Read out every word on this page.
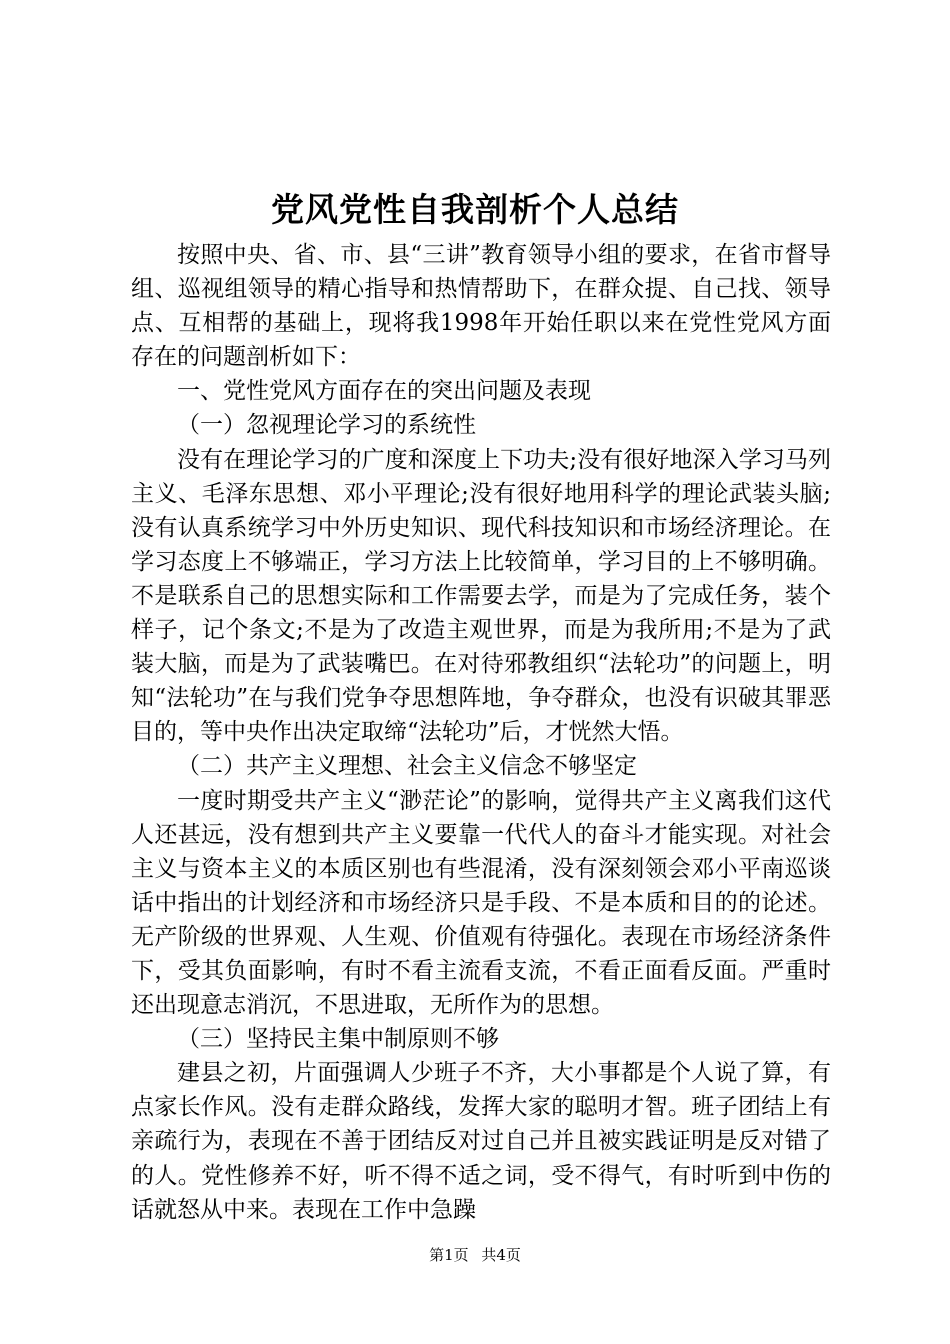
党风党性自我剖析个人总结

按照中央、省、市、县“三讲”教育领导小组的要求，在省市督导组、巡视组领导的精心指导和热情帮助下，在群众提、自己找、领导点、互相帮的基础上，现将我1998年开始任职以来在党性党风方面存在的问题剖析如下：

一、党性党风方面存在的突出问题及表现

（一）忽视理论学习的系统性

没有在理论学习的广度和深度上下功夫;没有很好地深入学习马列主义、毛泽东思想、邓小平理论;没有很好地用科学的理论武装头脑;没有认真系统学习中外历史知识、现代科技知识和市场经济理论。在学习态度上不够端正，学习方法上比较简单，学习目的上不够明确。不是联系自己的思想实际和工作需要去学，而是为了完成任务，装个样子，记个条文;不是为了改造主观世界，而是为我所用;不是为了武装大脑，而是为了武装嘴巴。在对待邪教组织“法轮功”的问题上，明知“法轮功”在与我们党争夺思想阵地，争夺群众，也没有识破其罪恶目的，等中央作出决定取缔“法轮功”后，才恍然大悟。

（二）共产主义理想、社会主义信念不够坚定

一度时期受共产主义“渺茫论”的影响，觉得共产主义离我们这代人还甚远，没有想到共产主义要靠一代代人的奋斗才能实现。对社会主义与资本主义的本质区别也有些混淆，没有深刻领会邓小平南巡谈话中指出的计划经济和市场经济只是手段、不是本质和目的的论述。无产阶级的世界观、人生观、价值观有待强化。表现在市场经济条件下，受其负面影响，有时不看主流看支流，不看正面看反面。严重时还出现意志消沉，不思进取，无所作为的思想。

（三）坚持民主集中制原则不够

建县之初，片面强调人少班子不齐，大小事都是个人说了算，有点家长作风。没有走群众路线，发挥大家的聪明才智。班子团结上有亲疏行为，表现在不善于团结反对过自己并且被实践证明是反对错了的人。党性修养不好，听不得不适之词，受不得气，有时听到中伤的话就怒从中来。表现在工作中急躁

第1页 共4页
